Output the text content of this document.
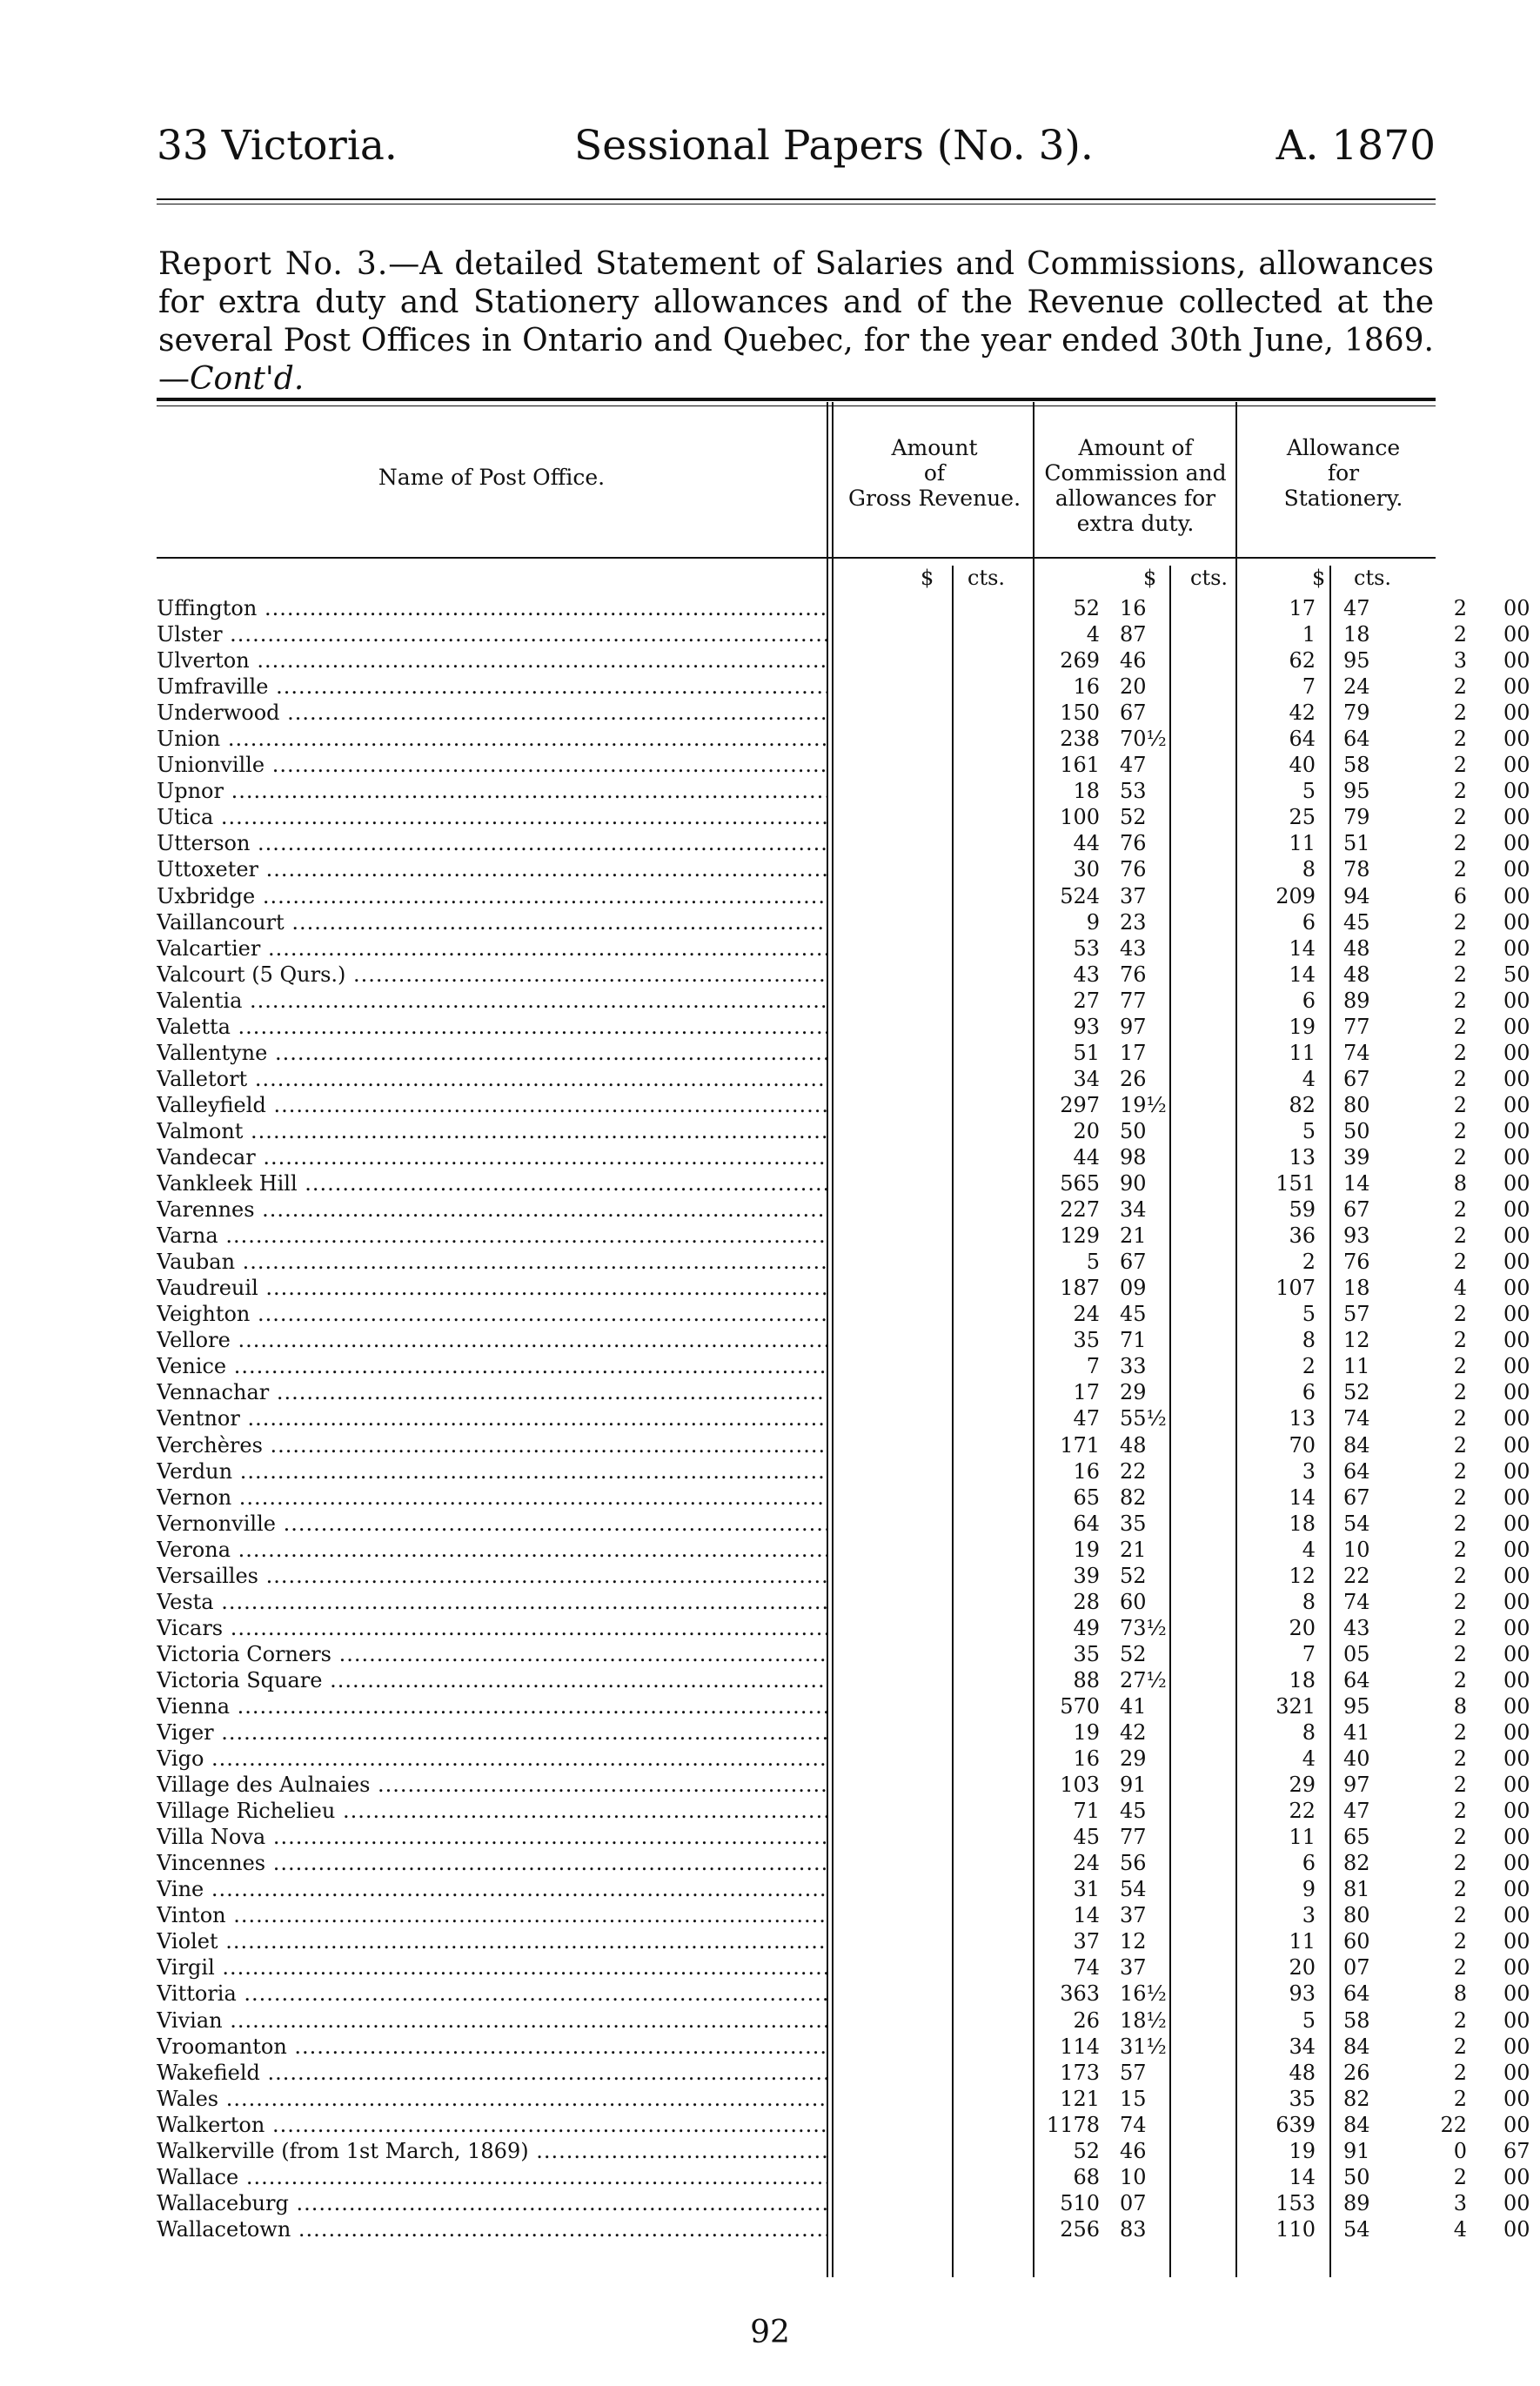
33 Victoria.	Sessional Papers (No. 3).	A. 1870
Report No. 3.—A detailed Statement of Salaries and Commissions, allowances for extra duty and Stationery allowances and of the Revenue collected at the several Post Offices in Ontario and Quebec, for the year ended 30th June, 1869.—Cont'd.
Name of Post Office.
Amount
of
Gross Revenue.
Amount of
Commission and
allowances for
extra duty.
Allowance
for
Stationery.
$ cts.	$ cts.	$ cts.
Uffington .....	52 16	17 47	2 00
Ulster .....	4 87	1 18	2 00
Ulverton .....	269 46	62 95	3 00
Umfraville .....	16 20	7 24	2 00
Underwood .....	150 67	42 79	2 00
Union .....	238 70½	64 64	2 00
Unionville .....	161 47	40 58	2 00
Upnor .....	18 53	5 95	2 00
Utica .....	100 52	25 79	2 00
Utterson .....	44 76	11 51	2 00
Uttoxeter .....	30 76	8 78	2 00
Uxbridge .....	524 37	209 94	6 00
Vaillancourt .....	9 23	6 45	2 00
Valcartier .....	53 43	14 48	2 00
Valcourt (5 Qurs.) .....	43 76	14 48	2 50
Valentia .....	27 77	6 89	2 00
Valetta .....	93 97	19 77	2 00
Vallentyne .....	51 17	11 74	2 00
Valletort .....	34 26	4 67	2 00
Valleyfield .....	297 19½	82 80	2 00
Valmont .....	20 50	5 50	2 00
Vandecar .....	44 98	13 39	2 00
Vankleek Hill .....	565 90	151 14	8 00
Varennes .....	227 34	59 67	2 00
Varna .....	129 21	36 93	2 00
Vauban .....	5 67	2 76	2 00
Vaudreuil .....	187 09	107 18	4 00
Veighton .....	24 45	5 57	2 00
Vellore .....	35 71	8 12	2 00
Venice .....	7 33	2 11	2 00
Vennachar .....	17 29	6 52	2 00
Ventnor .....	47 55½	13 74	2 00
Verchères .....	171 48	70 84	2 00
Verdun .....	16 22	3 64	2 00
Vernon .....	65 82	14 67	2 00
Vernonville .....	64 35	18 54	2 00
Verona .....	19 21	4 10	2 00
Versailles .....	39 52	12 22	2 00
Vesta .....	28 60	8 74	2 00
Vicars .....	49 73½	20 43	2 00
Victoria Corners .....	35 52	7 05	2 00
Victoria Square .....	88 27½	18 64	2 00
Vienna .....	570 41	321 95	8 00
Viger .....	19 42	8 41	2 00
Vigo .....	16 29	4 40	2 00
Village des Aulnaies .....	103 91	29 97	2 00
Village Richelieu .....	71 45	22 47	2 00
Villa Nova .....	45 77	11 65	2 00
Vincennes .....	24 56	6 82	2 00
Vine .....	31 54	9 81	2 00
Vinton .....	14 37	3 80	2 00
Violet .....	37 12	11 60	2 00
Virgil .....	74 37	20 07	2 00
Vittoria .....	363 16½	93 64	8 00
Vivian .....	26 18½	5 58	2 00
Vroomanton .....	114 31½	34 84	2 00
Wakefield .....	173 57	48 26	2 00
Wales .....	121 15	35 82	2 00
Walkerton .....	1178 74	639 84	22 00
Walkerville (from 1st March, 1869) .....	52 46	19 91	0 67
Wallace .....	68 10	14 50	2 00
Wallaceburg .....	510 07	153 89	3 00
Wallacetown .....	256 83	110 54	4 00
92
